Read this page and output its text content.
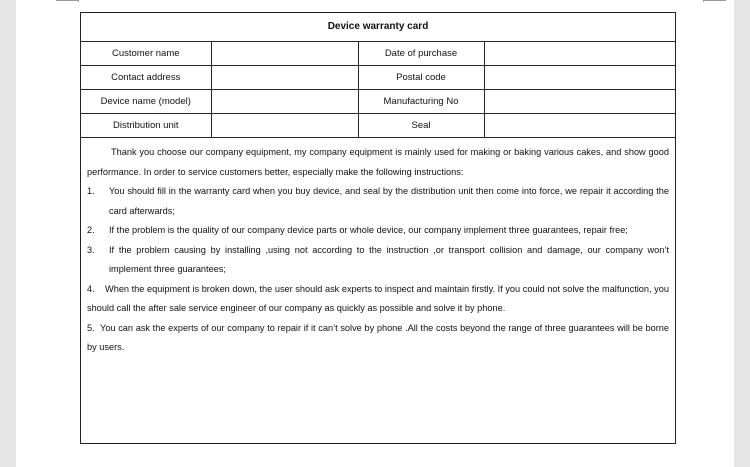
Device warranty card			
Customer name		Date of purchase	
Contact address		Postal code	
Device name (model)		Manufacturing No	
Distribution unit		Seal	

Thank you choose our company equipment, my company equipment is mainly used for making or baking various cakes, and show good performance. In order to service customers better, especially make the following instructions:

1.	You should fill in the warranty card when you buy device, and seal by the distribution unit then come into force, we repair it according the card afterwards;
2.	If the problem is the quality of our company device parts or whole device, our company implement three guarantees, repair free;
3.	If the problem causing by installing ,using not according to the instruction ,or transport collision and damage, our company won’t implement three guarantees;

4. When the equipment is broken down, the user should ask experts to inspect and maintain firstly. If you could not solve the malfunction, you should call the after sale service engineer of our company as quickly as possible and solve it by phone.

5. You can ask the experts of our company to repair if it can’t solve by phone .All the costs beyond the range of three guarantees will be borne by users.
